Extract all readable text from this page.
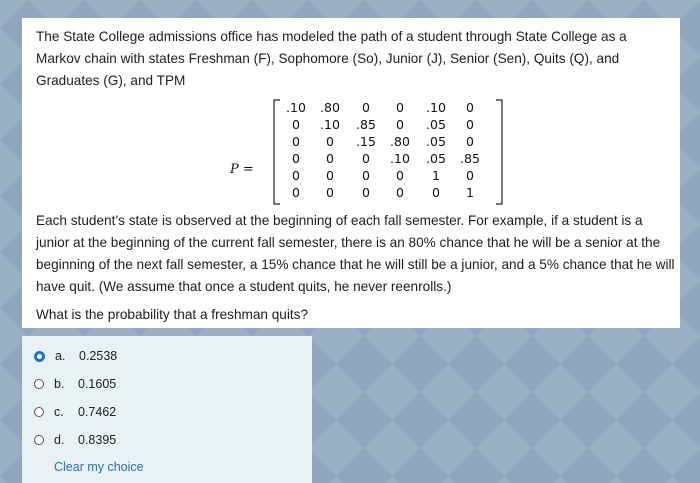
The State College admissions office has modeled the path of a student through State College as a Markov chain with states Freshman (F), Sophomore (So), Junior (J), Senior (Sen), Quits (Q), and Graduates (G), and TPM

P =
.10 .80 0 0 .10 0
0 .10 .85 0 .05 0
0 0 .15 .80 .05 0
0 0 0 .10 .05 .85
0 0 0 0 1 0
0 0 0 0 0 1

Each student’s state is observed at the beginning of each fall semester. For example, if a student is a junior at the beginning of the current fall semester, there is an 80% chance that he will be a senior at the beginning of the next fall semester, a 15% chance that he will still be a junior, and a 5% chance that he will have quit. (We assume that once a student quits, he never reenrolls.)

What is the probability that a freshman quits?

a.	0.2538
b.	0.1605
c.	0.7462
d.	0.8395
Clear my choice
